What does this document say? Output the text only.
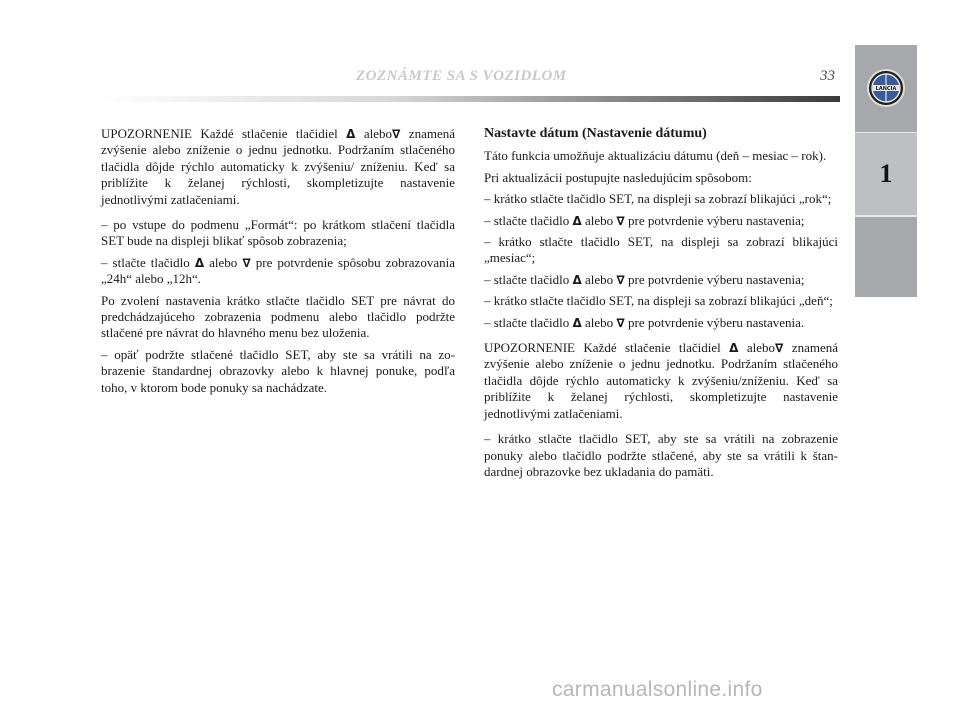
ZOZNÁMTE SA S VOZIDLOM	33
LANCIA
1

UPOZORNENIE Každé stlačenie tlačidiel Δ alebo∇ znamená zvýšenie alebo zníženie o jednu jednotku. Podržaním stlačeného tlačidla dôjde rýchlo automaticky k zvýšeniu/ zníženiu. Keď sa priblížite k želanej rýchlosti, skompletizujte nastavenie jednotlivými zatlačeniami.

– po vstupe do podmenu „Formát“: po krátkom stlačení tlačidla SET bude na displeji blikať spôsob zobrazenia;

– stlačte tlačidlo Δ alebo ∇ pre potvrdenie spôsobu zobrazovania „24h“ alebo „12h“.

Po zvolení nastavenia krátko stlačte tlačidlo SET pre návrat do predchádzajúceho zobrazenia podmenu alebo tlačidlo podržte stlačené pre návrat do hlavného menu bez uloženia.

– opäť podržte stlačené tlačidlo SET, aby ste sa vrátili na zobrazenie štandardnej obrazovky alebo k hlavnej ponuke, podľa toho, v ktorom bode ponuky sa nachádzate.

Nastavte dátum (Nastavenie dátumu)

Táto funkcia umožňuje aktualizáciu dátumu (deň – mesiac – rok).

Pri aktualizácii postupujte nasledujúcim spôsobom:

– krátko stlačte tlačidlo SET, na displeji sa zobrazí blikajúci „rok“;

– stlačte tlačidlo Δ alebo ∇ pre potvrdenie výberu nastavenia;

– krátko stlačte tlačidlo SET, na displeji sa zobrazí blikajúci „mesiac“;

– stlačte tlačidlo Δ alebo ∇ pre potvrdenie výberu nastavenia;

– krátko stlačte tlačidlo SET, na displeji sa zobrazí blikajúci „deň“;

– stlačte tlačidlo Δ alebo ∇ pre potvrdenie výberu nastavenia.

UPOZORNENIE Každé stlačenie tlačidiel Δ alebo∇ znamená zvýšenie alebo zníženie o jednu jednotku. Podržaním stlačeného tlačidla dôjde rýchlo automaticky k zvýšeniu/zníženiu. Keď sa priblížite k želanej rýchlosti, skompletizujte nastavenie jednotlivými zatlačeniami.

– krátko stlačte tlačidlo SET, aby ste sa vrátili na zobrazenie ponuky alebo tlačidlo podržte stlačené, aby ste sa vrátili k štandardnej obrazovke bez ukladania do pamäti.

carmanualsonline.info
